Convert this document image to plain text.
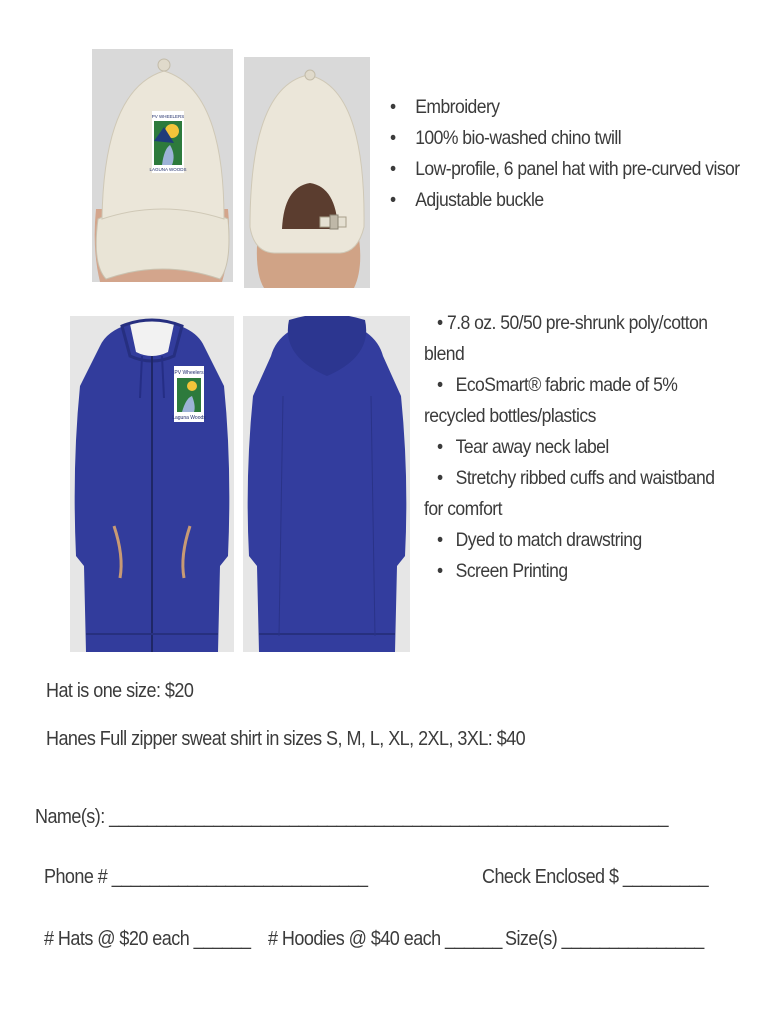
PV WHEELERS
LAGUNA WOODS
• Embroidery
• 100% bio-washed chino twill
• Low-profile, 6 panel hat with pre-curved visor
• Adjustable buckle
PV Wheelers
Laguna Woods

• 7.8 oz. 50/50 pre-shrunk poly/cotton blend

• EcoSmart® fabric made of 5% recycled bottles/plastics

• Tear away neck label

• Stretchy ribbed cuffs and waistband for comfort

• Dyed to match drawstring

• Screen Printing

Hat is one size: $20
Hanes Full zipper sweat shirt in sizes S, M, L, XL, 2XL, 3XL: $40
Name(s): ___________________________________________________________
Phone # ___________________________	Check Enclosed $ _________
# Hats @ $20 each ______ # Hoodies @ $40 each ______ Size(s) _______________
